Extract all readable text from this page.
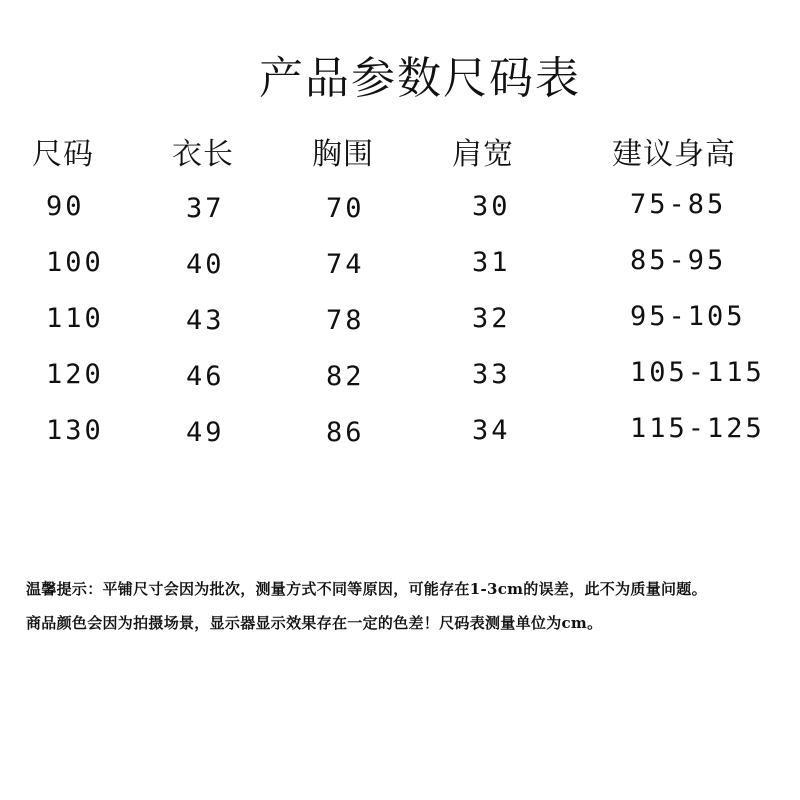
产品参数尺码表
尺码	衣长	胸围	肩宽	建议身高
90	37	70	30	75-85
100	40	74	31	85-95
110	43	78	32	95-105
120	46	82	33	105-115
130	49	86	34	115-125
温馨提示：平铺尺寸会因为批次，测量方式不同等原因，可能存在1-3cm的误差，此不为质量问题。
商品颜色会因为拍摄场景，显示器显示效果存在一定的色差！尺码表测量单位为cm。
